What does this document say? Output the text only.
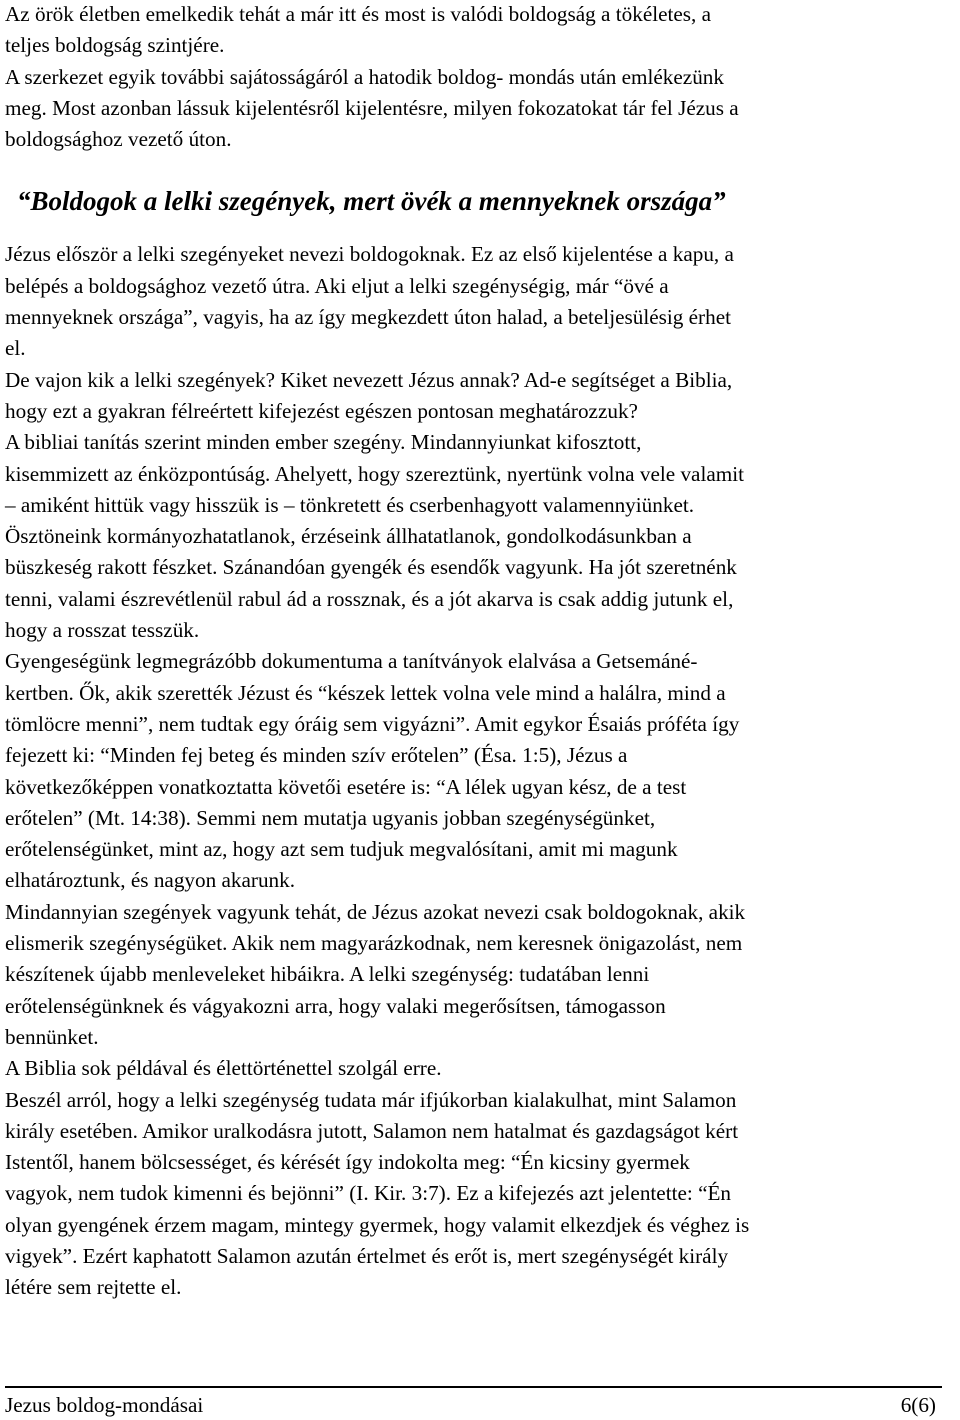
Az örök életben emelkedik tehát a már itt és most is valódi boldogság a tökéletes, a
teljes boldogság szintjére.
A szerkezet egyik további sajátosságáról a hatodik boldog- mondás után emlékezünk
meg. Most azonban lássuk kijelentésről kijelentésre, milyen fokozatokat tár fel Jézus a
boldogsághoz vezető úton.

“Boldogok a lelki szegények, mert övék a mennyeknek országa”

Jézus először a lelki szegényeket nevezi boldogoknak. Ez az első kijelentése a kapu, a
belépés a boldogsághoz vezető útra. Aki eljut a lelki szegénységig, már “övé a
mennyeknek országa”, vagyis, ha az így megkezdett úton halad, a beteljesülésig érhet
el.
De vajon kik a lelki szegények? Kiket nevezett Jézus annak? Ad-e segítséget a Biblia,
hogy ezt a gyakran félreértett kifejezést egészen pontosan meghatározzuk?
A bibliai tanítás szerint minden ember szegény. Mindannyiunkat kifosztott,
kisemmizett az énközpontúság. Ahelyett, hogy szereztünk, nyertünk volna vele valamit
– amiként hittük vagy hisszük is – tönkretett és cserbenhagyott valamennyiünket.
Ösztöneink kormányozhatatlanok, érzéseink állhatatlanok, gondolkodásunkban a
büszkeség rakott fészket. Szánandóan gyengék és esendők vagyunk. Ha jót szeretnénk
tenni, valami észrevétlenül rabul ád a rossznak, és a jót akarva is csak addig jutunk el,
hogy a rosszat tesszük.
Gyengeségünk legmegrázóbb dokumentuma a tanítványok elalvása a Getsemáné-
kertben. Ők, akik szerették Jézust és “készek lettek volna vele mind a halálra, mind a
tömlöcre menni”, nem tudtak egy óráig sem vigyázni”. Amit egykor Ésaiás próféta így
fejezett ki: “Minden fej beteg és minden szív erőtelen” (Ésa. 1:5), Jézus a
következőképpen vonatkoztatta követői esetére is: “A lélek ugyan kész, de a test
erőtelen” (Mt. 14:38). Semmi nem mutatja ugyanis jobban szegénységünket,
erőtelenségünket, mint az, hogy azt sem tudjuk megvalósítani, amit mi magunk
elhatároztunk, és nagyon akarunk.
Mindannyian szegények vagyunk tehát, de Jézus azokat nevezi csak boldogoknak, akik
elismerik szegénységüket. Akik nem magyarázkodnak, nem keresnek önigazolást, nem
készítenek újabb menleveleket hibáikra. A lelki szegénység: tudatában lenni
erőtelenségünknek és vágyakozni arra, hogy valaki megerősítsen, támogasson
bennünket.
A Biblia sok példával és élettörténettel szolgál erre.
Beszél arról, hogy a lelki szegénység tudata már ifjúkorban kialakulhat, mint Salamon
király esetében. Amikor uralkodásra jutott, Salamon nem hatalmat és gazdagságot kért
Istentől, hanem bölcsességet, és kérését így indokolta meg: “Én kicsiny gyermek
vagyok, nem tudok kimenni és bejönni” (I. Kir. 3:7). Ez a kifejezés azt jelentette: “Én
olyan gyengének érzem magam, mintegy gyermek, hogy valamit elkezdjek és véghez is
vigyek”. Ezért kaphatott Salamon azután értelmet és erőt is, mert szegénységét király
létére sem rejtette el.

Jezus boldog-mondásai	6(6)
